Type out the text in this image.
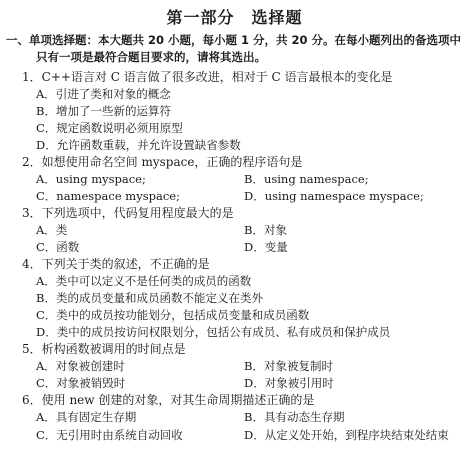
第一部分　选择题
一、单项选择题：本大题共 20 小题，每小题 1 分，共 20 分。在每小题列出的备选项中
只有一项是最符合题目要求的，请将其选出。
1．C++语言对 C 语言做了很多改进，相对于 C 语言最根本的变化是
A．引进了类和对象的概念
B．增加了一些新的运算符
C．规定函数说明必须用原型
D．允许函数重载，并允许设置缺省参数
2．如想使用命名空间 myspace，正确的程序语句是
A．using myspace;	B．using namespace;
C．namespace myspace;	D．using namespace myspace;
3．下列选项中，代码复用程度最大的是
A．类	B．对象
C．函数	D．变量
4．下列关于类的叙述，不正确的是
A．类中可以定义不是任何类的成员的函数
B．类的成员变量和成员函数不能定义在类外
C．类中的成员按功能划分，包括成员变量和成员函数
D．类中的成员按访问权限划分，包括公有成员、私有成员和保护成员
5．析构函数被调用的时间点是
A．对象被创建时	B．对象被复制时
C．对象被销毁时	D．对象被引用时
6．使用 new 创建的对象，对其生命周期描述正确的是
A．具有固定生存期	B．具有动态生存期
C．无引用时由系统自动回收	D．从定义处开始，到程序块结束处结束
